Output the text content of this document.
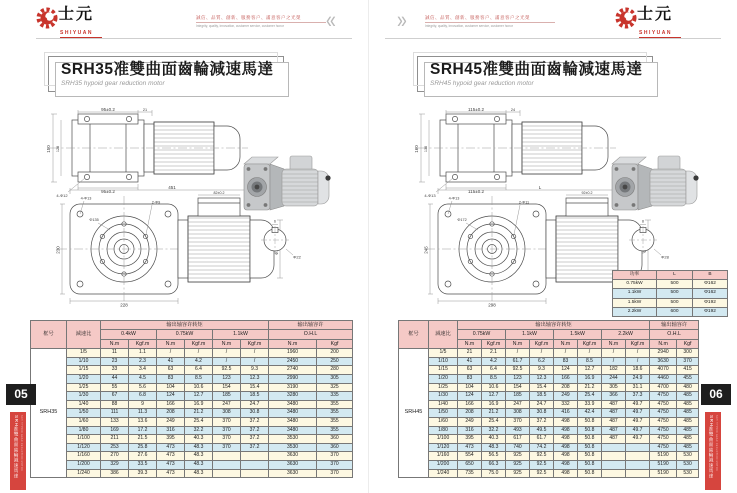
士元
SHIYUAN
誠信、品質、創新、服務客户、滿意客户之光榮
Integrity, quality, innovation, customer service, customer honor	«
SRH35准雙曲面齒輪減速馬達
SRH35 hypoid gear reduction motor
95±0.2	21
150 128
95±0.2
4-Φ12
451
82±0.2
230
228
4-Φ13
2-Φ9
Φ135	6
Φ22
框号	減速比	输出轴容许转矩						输出轴容许	
		0.4kW		0.75kW		1.1kW		O.H.L	
		N.m	Kgf.m	N.m	Kgf.m	N.m	Kgf.m	N.m	Kgf
SRH35	1/5	11	1.1	/	/	/	/	1960	200
	1/10	23	2.3	41	4.2	/	/	2450	250
	1/15	33	3.4	63	6.4	92.5	9.3	2740	280
	1/20	44	4.5	83	8.5	123	12.3	2990	305
	1/25	55	5.6	104	10.6	154	15.4	3190	325
	1/30	67	6.8	124	12.7	185	18.5	3280	335
	1/40	88	9	166	16.9	247	24.7	3480	355
	1/50	111	11.3	208	21.2	308	30.8	3480	355
	1/60	133	13.6	249	25.4	370	37.2	3480	355
	1/80	169	17.2	316	32.2	370	37.2	3480	355
	1/100	211	21.5	395	40.3	370	37.2	3530	360
	1/120	253	25.8	473	48.3	370	37.2	3530	360
	1/160	270	27.6	473	48.3			3630	370
	1/200	329	33.5	473	48.3			3630	370
	1/240	386	39.3	473	48.3			3630	370
»	誠信、品質、創新、服務客户、滿意客户之光榮
Integrity, quality, innovation, customer service, customer honor
士元
SHIYUAN
SRH45准雙曲面齒輪減速馬達
SRH45 hypoid gear reduction motor
115±0.2	24
160 136
115±0.2
4-Φ13
L
92±0.2
245
298
4-Φ13
2-Φ11
Φ172	8
Φ28
功率	L	B
0.75kW	500	Φ162
1.1kW	500	Φ162
1.5kW	500	Φ192
2.2kW	600	Φ192
框号	減速比	输出轴容许转矩								输出轴容许	
		0.75kW		1.1kW		1.5kW		2.2kW		O.H.L	
		N.m	Kgf.m	N.m	Kgf.m	N.m	Kgf.m	N.m	Kgf.m	N.m	Kgf
SRH45	1/5	21	2.1	/	/	/	/	/	/	2940	300
	1/10	41	4.2	61.7	6.2	83	8.5	/	/	3630	370
	1/15	63	6.4	92.5	9.3	124	12.7	182	18.6	4070	415
	1/20	83	8.5	123	12.3	166	16.9	244	24.9	4460	455
	1/25	104	10.6	154	15.4	208	21.2	305	31.1	4700	480
	1/30	124	12.7	185	18.5	249	25.4	366	37.3	4750	485
	1/40	166	16.9	247	24.7	332	33.9	487	49.7	4750	485
	1/50	208	21.2	308	30.8	416	42.4	487	49.7	4750	485
	1/60	249	25.4	370	37.2	498	50.8	487	49.7	4750	485
	1/80	316	32.2	493	49.5	498	50.8	487	49.7	4750	485
	1/100	395	40.3	617	61.7	498	50.8	487	49.7	4750	485
	1/120	473	48.3	740	74.2	498	50.8			4750	485
	1/160	554	56.5	925	92.5	498	50.8			5190	530
	1/200	650	66.3	925	92.5	498	50.8			5190	530
	1/240	735	75.0	925	92.5	498	50.8			5190	530
05
SRH准雙曲面齒輪減速馬達 SRH HYPOID GEAR REDUCTION MOTOR
06
SRH准雙曲面齒輪減速馬達 SRH HYPOID GEAR REDUCTION MOTOR
